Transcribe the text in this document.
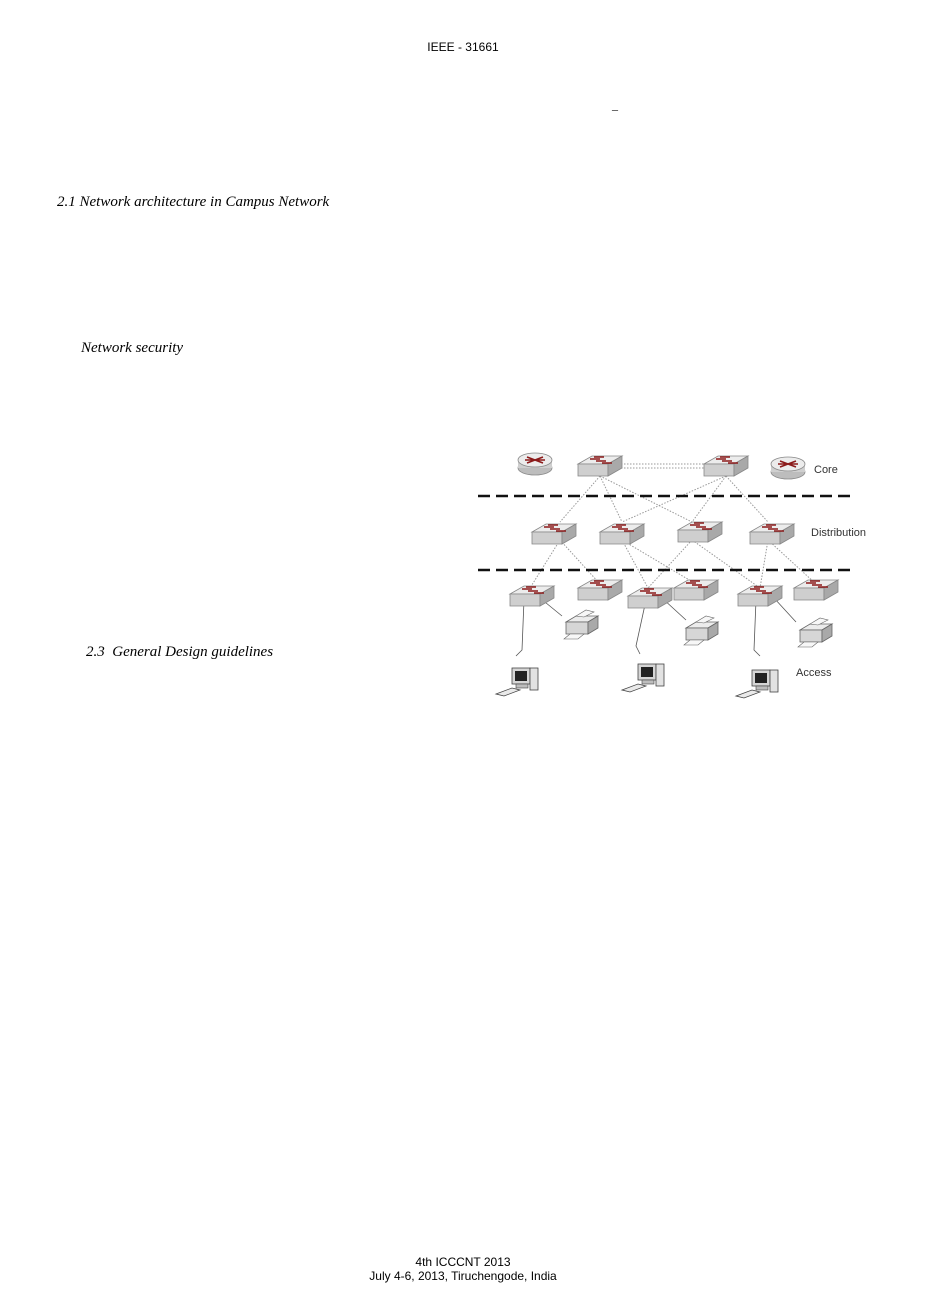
IEEE - 31661
_
2.1 Network architecture in Campus Network
Network security
2.3  General Design guidelines
Core
Distribution
Access
4th ICCCNT 2013
July 4-6, 2013, Tiruchengode, India
